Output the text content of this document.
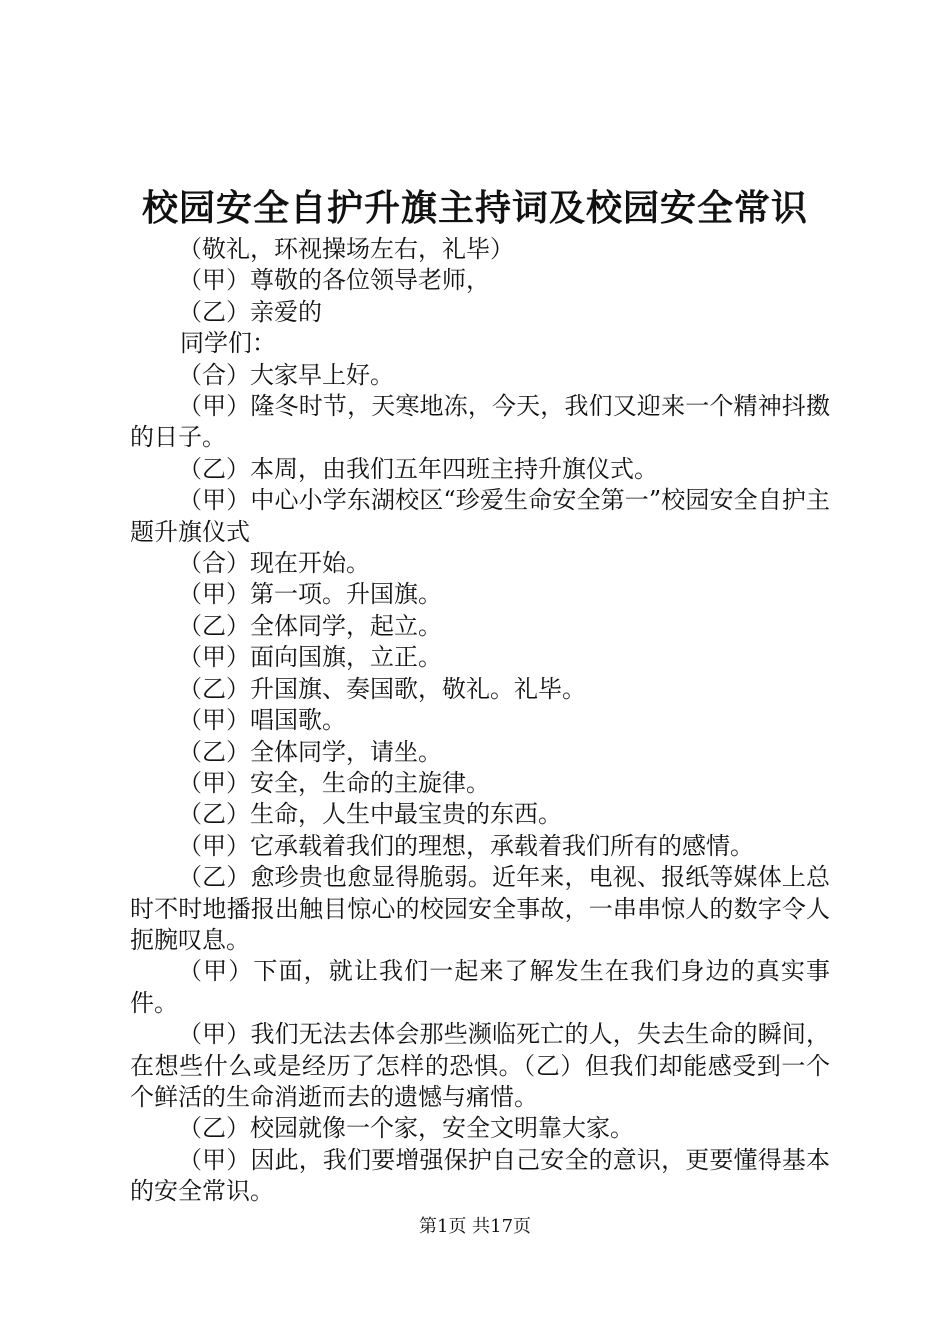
校园安全自护升旗主持词及校园安全常识

（敬礼，环视操场左右，礼毕）

（甲）尊敬的各位领导老师，

（乙）亲爱的

同学们：

（合）大家早上好。

（甲）隆冬时节，天寒地冻，今天，我们又迎来一个精神抖擞的日子。

（乙）本周，由我们五年四班主持升旗仪式。

（甲）中心小学东湖校区“珍爱生命安全第一”校园安全自护主题升旗仪式

（合）现在开始。

（甲）第一项。升国旗。

（乙）全体同学，起立。

（甲）面向国旗，立正。

（乙）升国旗、奏国歌，敬礼。礼毕。

（甲）唱国歌。

（乙）全体同学，请坐。

（甲）安全，生命的主旋律。

（乙）生命，人生中最宝贵的东西。

（甲）它承载着我们的理想，承载着我们所有的感情。

（乙）愈珍贵也愈显得脆弱。近年来，电视、报纸等媒体上总时不时地播报出触目惊心的校园安全事故，一串串惊人的数字令人扼腕叹息。

（甲）下面，就让我们一起来了解发生在我们身边的真实事件。

（甲）我们无法去体会那些濒临死亡的人，失去生命的瞬间，在想些什么或是经历了怎样的恐惧。（乙）但我们却能感受到一个个鲜活的生命消逝而去的遗憾与痛惜。

（乙）校园就像一个家，安全文明靠大家。

（甲）因此，我们要增强保护自己安全的意识，更要懂得基本的安全常识。

第1页 共17页
